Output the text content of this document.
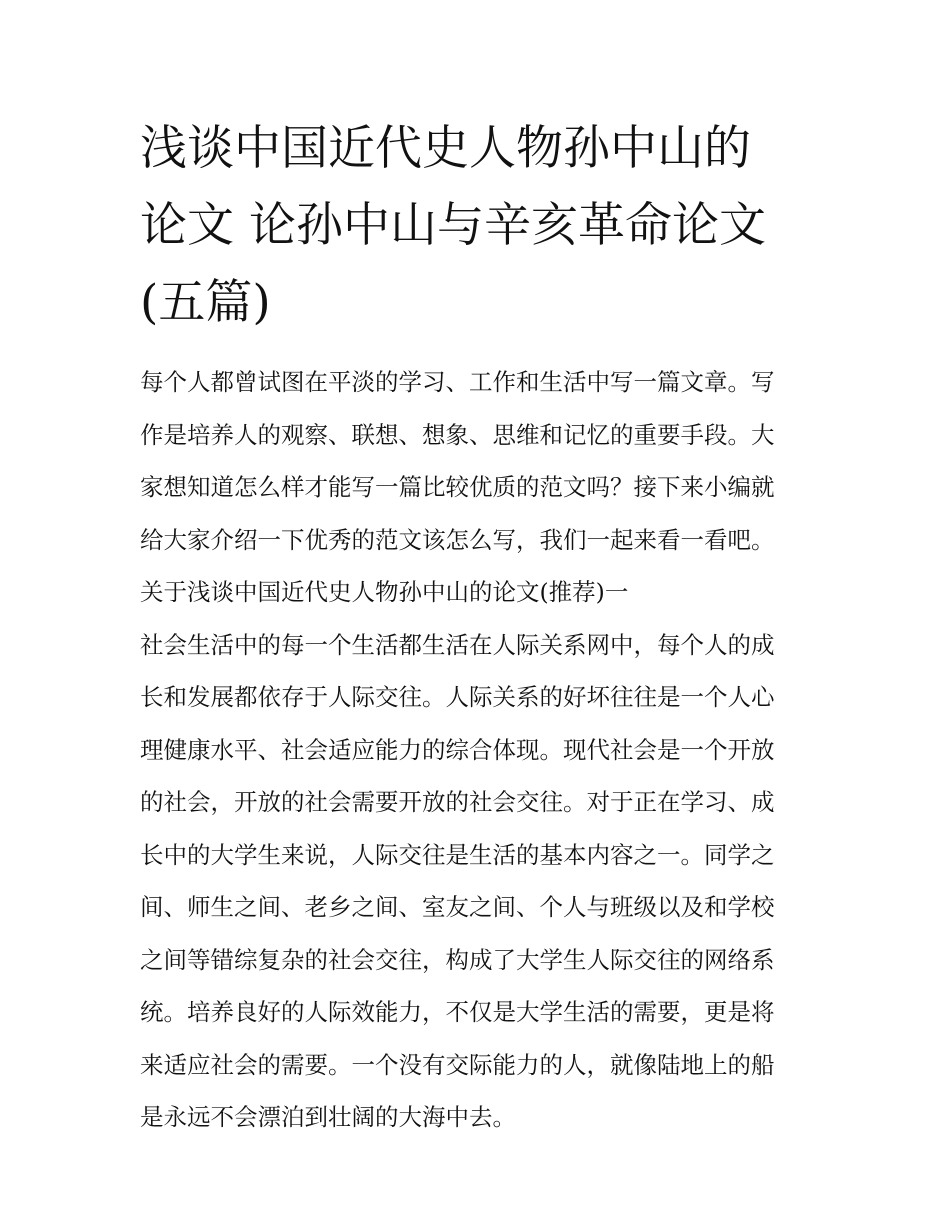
浅谈中国近代史人物孙中山的
论文 论孙中山与辛亥革命论文
(五篇)
每个人都曾试图在平淡的学习、工作和生活中写一篇文章。写
作是培养人的观察、联想、想象、思维和记忆的重要手段。大
家想知道怎么样才能写一篇比较优质的范文吗？接下来小编就
给大家介绍一下优秀的范文该怎么写，我们一起来看一看吧。
关于浅谈中国近代史人物孙中山的论文(推荐)一
社会生活中的每一个生活都生活在人际关系网中，每个人的成
长和发展都依存于人际交往。人际关系的好坏往往是一个人心
理健康水平、社会适应能力的综合体现。现代社会是一个开放
的社会，开放的社会需要开放的社会交往。对于正在学习、成
长中的大学生来说，人际交往是生活的基本内容之一。同学之
间、师生之间、老乡之间、室友之间、个人与班级以及和学校
之间等错综复杂的社会交往，构成了大学生人际交往的网络系
统。培养良好的人际效能力，不仅是大学生活的需要，更是将
来适应社会的需要。一个没有交际能力的人，就像陆地上的船
是永远不会漂泊到壮阔的大海中去。
